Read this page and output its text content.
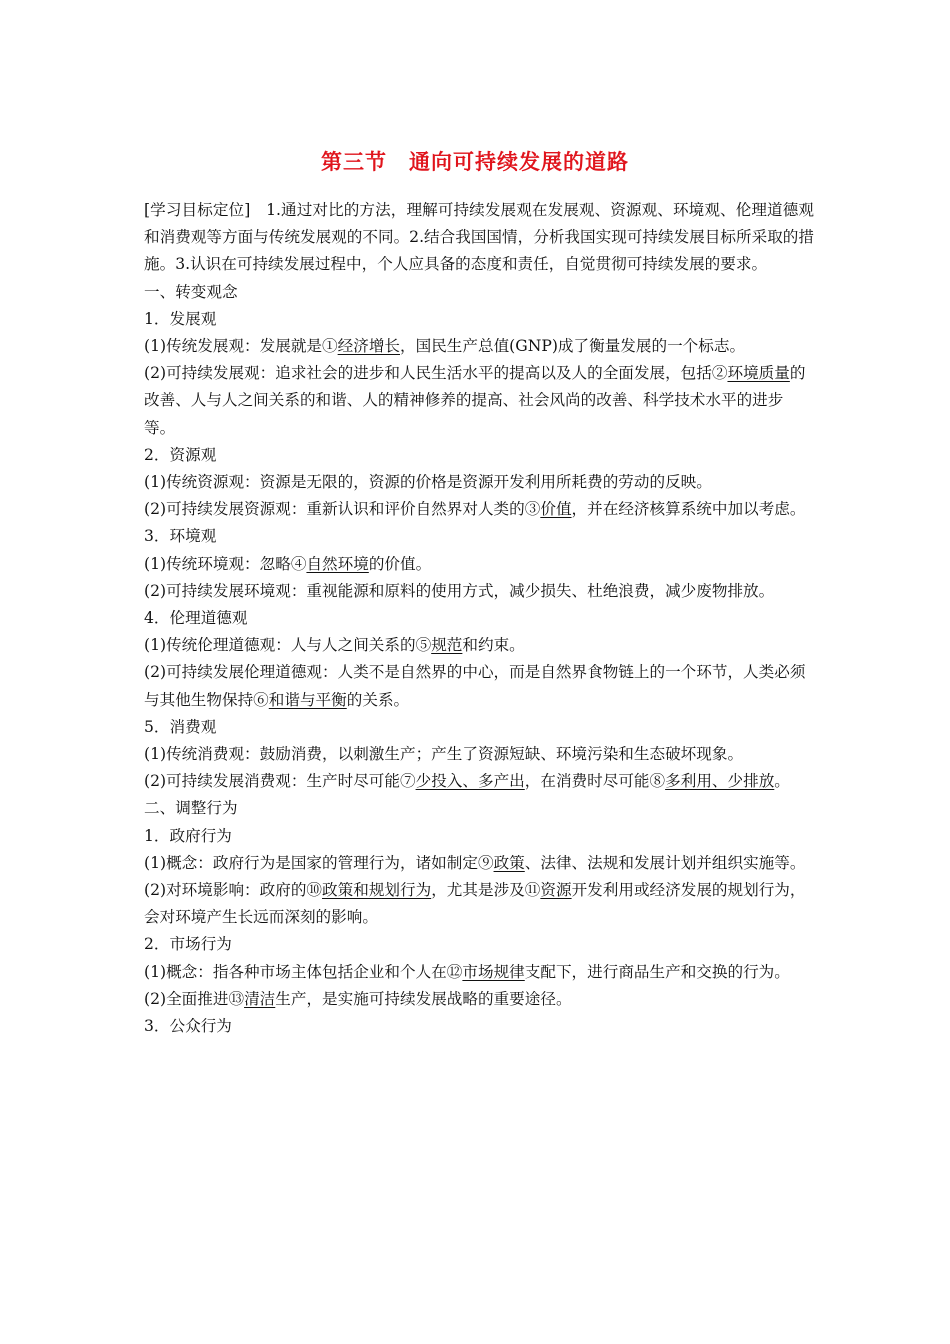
第三节　通向可持续发展的道路

[学习目标定位]　1.通过对比的方法，理解可持续发展观在发展观、资源观、环境观、伦理道德观和消费观等方面与传统发展观的不同。2.结合我国国情，分析我国实现可持续发展目标所采取的措施。3.认识在可持续发展过程中，个人应具备的态度和责任，自觉贯彻可持续发展的要求。

一、转变观念

1．发展观

(1)传统发展观：发展就是①经济增长，国民生产总值(GNP)成了衡量发展的一个标志。

(2)可持续发展观：追求社会的进步和人民生活水平的提高以及人的全面发展，包括②环境质量的改善、人与人之间关系的和谐、人的精神修养的提高、社会风尚的改善、科学技术水平的进步等。

2．资源观

(1)传统资源观：资源是无限的，资源的价格是资源开发利用所耗费的劳动的反映。

(2)可持续发展资源观：重新认识和评价自然界对人类的③价值，并在经济核算系统中加以考虑。

3．环境观

(1)传统环境观：忽略④自然环境的价值。

(2)可持续发展环境观：重视能源和原料的使用方式，减少损失、杜绝浪费，减少废物排放。

4．伦理道德观

(1)传统伦理道德观：人与人之间关系的⑤规范和约束。

(2)可持续发展伦理道德观：人类不是自然界的中心，而是自然界食物链上的一个环节，人类必须与其他生物保持⑥和谐与平衡的关系。

5．消费观

(1)传统消费观：鼓励消费，以刺激生产；产生了资源短缺、环境污染和生态破坏现象。

(2)可持续发展消费观：生产时尽可能⑦少投入、多产出，在消费时尽可能⑧多利用、少排放。

二、调整行为

1．政府行为

(1)概念：政府行为是国家的管理行为，诸如制定⑨政策、法律、法规和发展计划并组织实施等。

(2)对环境影响：政府的⑩政策和规划行为，尤其是涉及⑪资源开发利用或经济发展的规划行为，会对环境产生长远而深刻的影响。

2．市场行为

(1)概念：指各种市场主体包括企业和个人在⑫市场规律支配下，进行商品生产和交换的行为。

(2)全面推进⑬清洁生产，是实施可持续发展战略的重要途径。

3．公众行为
